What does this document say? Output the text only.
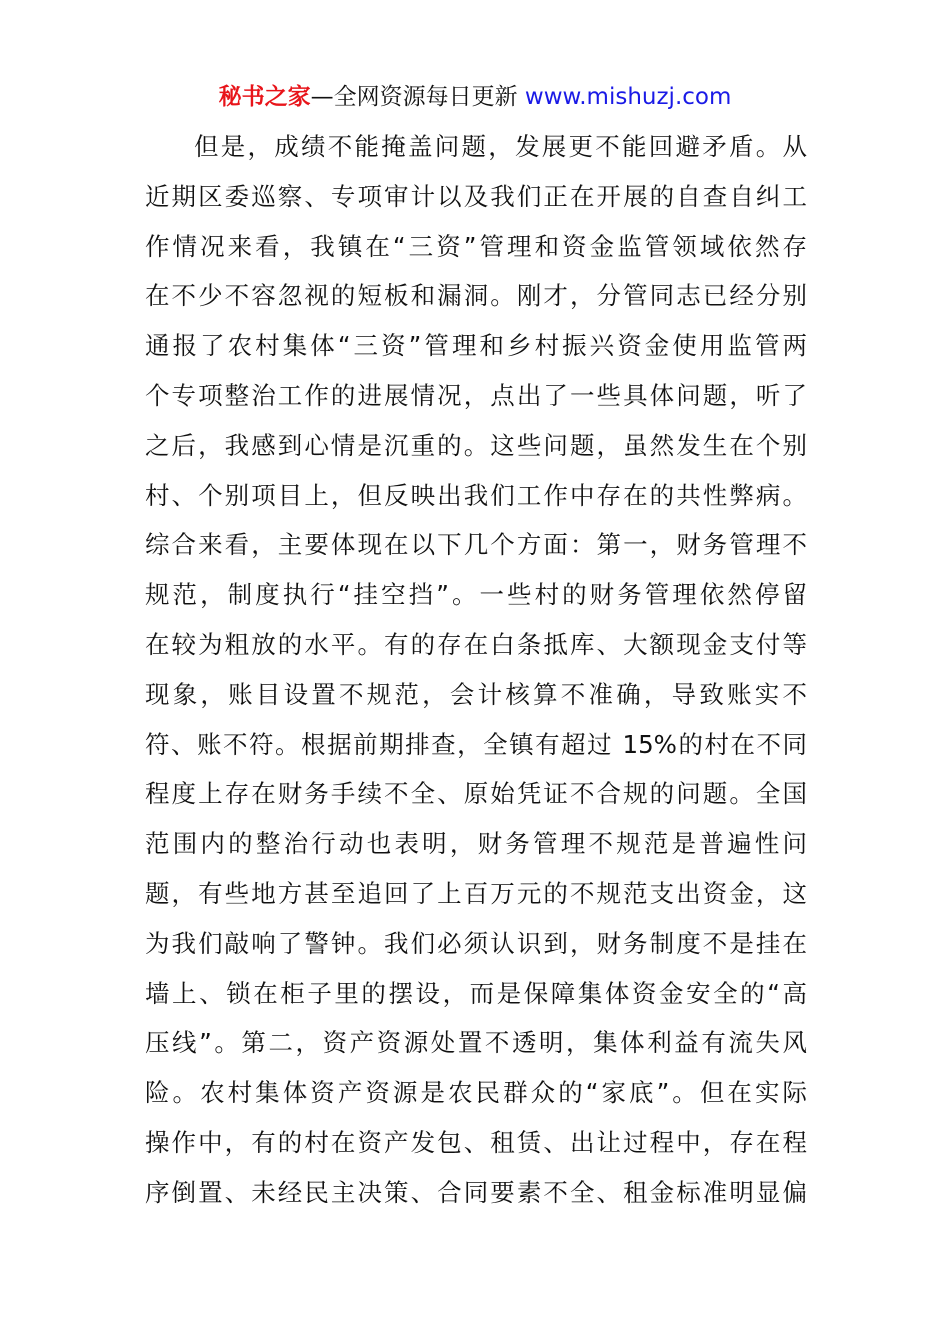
秘书之家—全网资源每日更新 www.mishuzj.com
但是，成绩不能掩盖问题，发展更不能回避矛盾。从
近期区委巡察、专项审计以及我们正在开展的自查自纠工
作情况来看，我镇在“三资”管理和资金监管领域依然存
在不少不容忽视的短板和漏洞。刚才，分管同志已经分别
通报了农村集体“三资”管理和乡村振兴资金使用监管两
个专项整治工作的进展情况，点出了一些具体问题，听了
之后，我感到心情是沉重的。这些问题，虽然发生在个别
村、个别项目上，但反映出我们工作中存在的共性弊病。
综合来看，主要体现在以下几个方面：第一，财务管理不
规范，制度执行“挂空挡”。一些村的财务管理依然停留
在较为粗放的水平。有的存在白条抵库、大额现金支付等
现象，账目设置不规范，会计核算不准确，导致账实不
符、账不符。根据前期排查，全镇有超过 15%的村在不同
程度上存在财务手续不全、原始凭证不合规的问题。全国
范围内的整治行动也表明，财务管理不规范是普遍性问
题，有些地方甚至追回了上百万元的不规范支出资金，这
为我们敲响了警钟。我们必须认识到，财务制度不是挂在
墙上、锁在柜子里的摆设，而是保障集体资金安全的“高
压线”。第二，资产资源处置不透明，集体利益有流失风
险。农村集体资产资源是农民群众的“家底”。但在实际
操作中，有的村在资产发包、租赁、出让过程中，存在程
序倒置、未经民主决策、合同要素不全、租金标准明显偏
